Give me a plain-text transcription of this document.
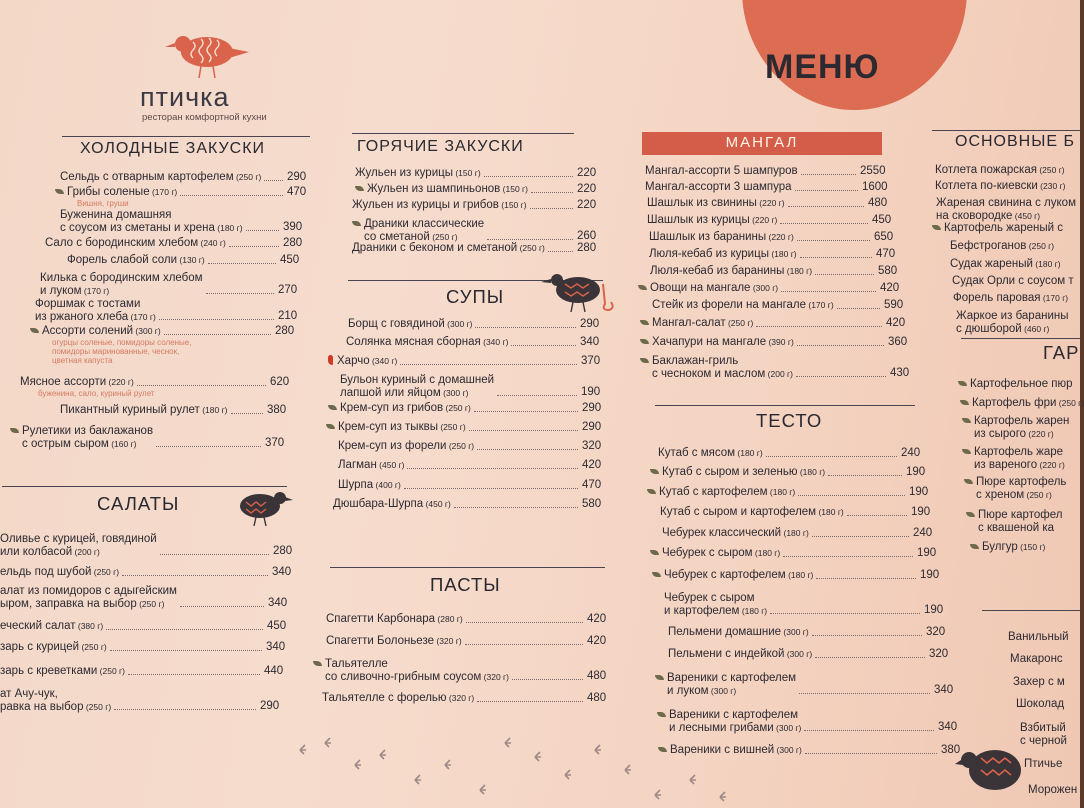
птичка
ресторан комфортной кухни
МЕНЮ
ХОЛОДНЫЕ ЗАКУСКИ	ГОРЯЧИЕ ЗАКУСКИ	МАНГАЛ	ОСНОВНЫЕ Б
СУПЫ
ГАР
ТЕСТО
САЛАТЫ
ПАСТЫ
Сельдь с отварным картофелем (250 г) 290
Грибы соленые (170 г)	470
Вишня, груши
Буженина домашняя
с соусом из сметаны и хрена (180 г)	390
Сало с бородинским хлебом (240 г)	280
Форель слабой соли (130 г)	450
Килька с бородинским хлебом
и луком (170 г)	270
Форшмак с тостами
из ржаного хлеба (170 г)	210
Ассорти солений (300 г)	280
огурцы соленые, помидоры соленые,
помидоры маринованные, чеснок,
цветная капуста
Мясное ассорти (220 г)	620
буженина, сало, куриный рулет
Пикантный куриный рулет (180 г)	380
Рулетики из баклажанов
с острым сыром (160 г)	370
Жульен из курицы (150 г)	220
Жульен из шампиньонов (150 г)	220
Жульен из курицы и грибов (150 г)	220
Драники классические
со сметаной (250 г)	260
Драники с беконом и сметаной (250 г)	280
Борщ с говядиной (300 г)	290
Солянка мясная сборная (340 г)	340
Харчо (340 г)	370
Бульон куриный с домашней
лапшой или яйцом (300 г)	190
Крем-суп из грибов (250 г)	290
Крем-суп из тыквы (250 г)	290
Крем-суп из форели (250 г)	320
Лагман (450 г)	420
Шурпа (400 г)	470
Дюшбара-Шурпа (450 г)	580
Спагетти Карбонара (280 г)	420
Спагетти Болоньезе (320 г)	420
Тальятелле
со сливочно-грибным соусом (320 г)	480
Тальятелле с форелью (320 г)	480
Мангал-ассорти 5 шампуров	2550
Мангал-ассорти 3 шампура	1600
Шашлык из свинины (220 г)	480
Шашлык из курицы (220 г)	450
Шашлык из баранины (220 г)	650
Люля-кебаб из курицы (180 г)	470
Люля-кебаб из баранины (180 г)	580
Овощи на мангале (300 г)	420
Стейк из форели на мангале (170 г)	590
Мангал-салат (250 г)	420
Хачапури на мангале (390 г)	360
Баклажан-гриль
с чесноком и маслом (200 г)	430
Кутаб с мясом (180 г)	240
Кутаб с сыром и зеленью (180 г)	190
Кутаб с картофелем (180 г)	190
Кутаб с сыром и картофелем (180 г)	190
Чебурек классический (180 г)	240
Чебурек с сыром (180 г)	190
Чебурек с картофелем (180 г)	190
Чебурек с сыром
и картофелем (180 г)	190
Пельмени домашние (300 г)	320
Пельмени с индейкой (300 г)	320
Вареники с картофелем
и луком (300 г)	340
Вареники с картофелем
и лесными грибами (300 г)	340
Вареники с вишней (300 г)	380
Котлета пожарская (250 г)
Котлета по-киевски (230 г)
Жареная свинина с луком
на сковородке (450 г)
Картофель жареный с
Бефстроганов (250 г)
Судак жареный (180 г)
Судак Орли с соусом т
Форель паровая (170 г)
Жаркое из баранины
с дюшборой (460 г)
Картофельное пюр
Картофель фри (250 г)
Картофель жарен
из сырого (220 г)
Картофель жаре
из вареного (220 г)
Пюре картофель
с хреном (250 г)
Пюре картофел
с квашеной ка
Булгур (150 г)
Оливье с курицей, говядиной
или колбасой (200 г)	280
ельдь под шубой (250 г)	340
алат из помидоров с адыгейским
ыром, заправка на выбор (250 г)	340
еческий салат (380 г)	450
зарь с курицей (250 г)	340
зарь с креветками (250 г)	440
ат Ачу-чук,
равка на выбор (250 г)	290
Ванильный
Макаронс
Захер с м
Шоколад
Взбитый
с черной
Птичье
Морожен
